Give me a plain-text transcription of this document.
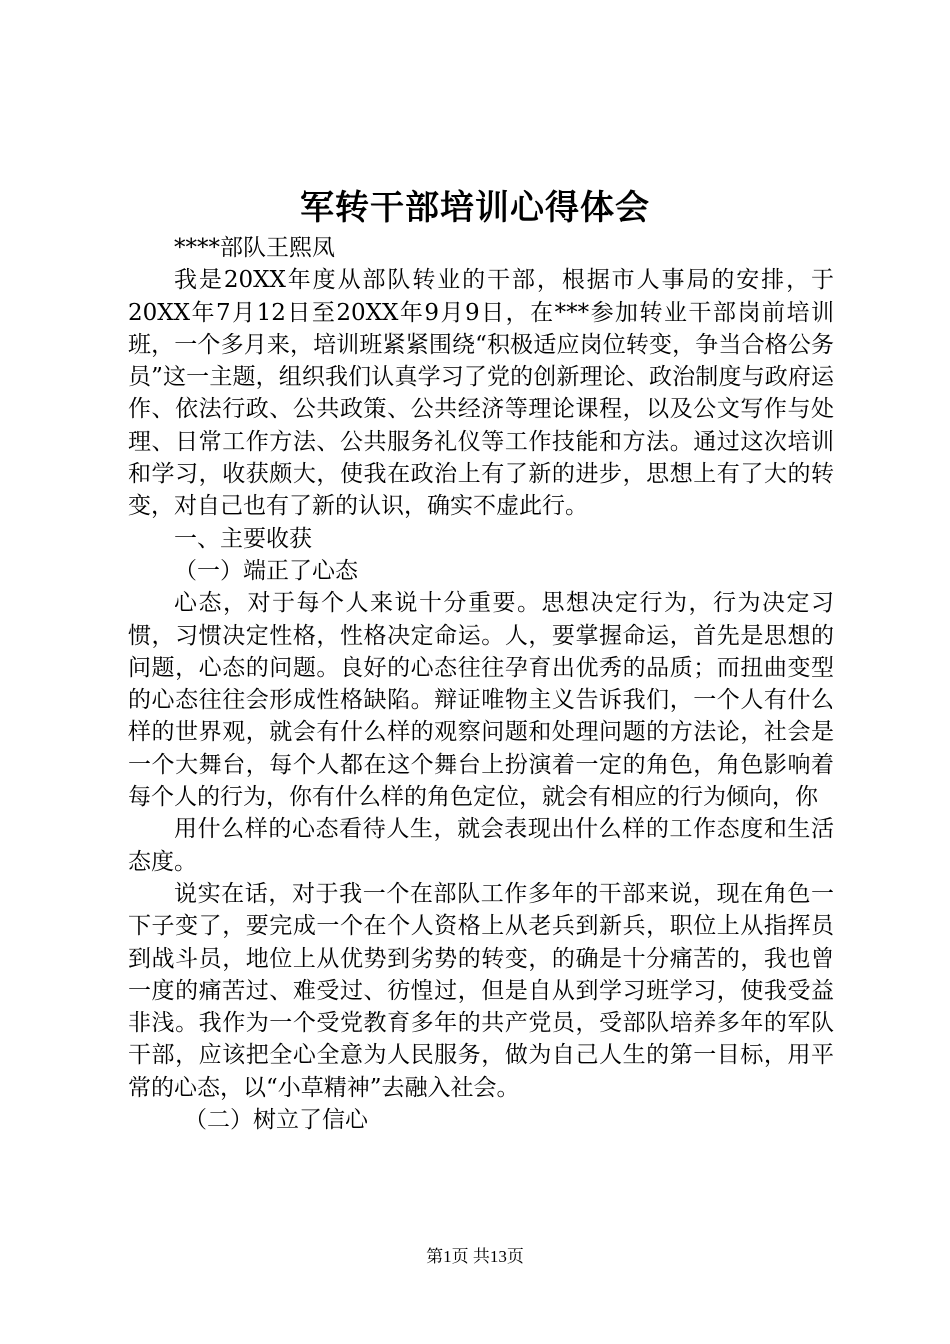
军转干部培训心得体会

****部队王熙凤

我是20XX年度从部队转业的干部，根据市人事局的安排，于20XX年7月12日至20XX年9月9日，在***参加转业干部岗前培训班，一个多月来，培训班紧紧围绕“积极适应岗位转变，争当合格公务员”这一主题，组织我们认真学习了党的创新理论、政治制度与政府运作、依法行政、公共政策、公共经济等理论课程，以及公文写作与处理、日常工作方法、公共服务礼仪等工作技能和方法。通过这次培训和学习，收获颇大，使我在政治上有了新的进步，思想上有了大的转变，对自己也有了新的认识，确实不虚此行。

一、主要收获

（一）端正了心态

心态，对于每个人来说十分重要。思想决定行为，行为决定习惯，习惯决定性格，性格决定命运。人，要掌握命运，首先是思想的问题，心态的问题。良好的心态往往孕育出优秀的品质；而扭曲变型的心态往往会形成性格缺陷。辩证唯物主义告诉我们，一个人有什么样的世界观，就会有什么样的观察问题和处理问题的方法论，社会是一个大舞台，每个人都在这个舞台上扮演着一定的角色，角色影响着每个人的行为，你有什么样的角色定位，就会有相应的行为倾向，你

用什么样的心态看待人生，就会表现出什么样的工作态度和生活态度。

说实在话，对于我一个在部队工作多年的干部来说，现在角色一下子变了，要完成一个在个人资格上从老兵到新兵，职位上从指挥员到战斗员，地位上从优势到劣势的转变，的确是十分痛苦的，我也曾一度的痛苦过、难受过、彷惶过，但是自从到学习班学习，使我受益非浅。我作为一个受党教育多年的共产党员，受部队培养多年的军队干部，应该把全心全意为人民服务，做为自己人生的第一目标，用平常的心态，以“小草精神”去融入社会。

（二）树立了信心

第1页 共13页
